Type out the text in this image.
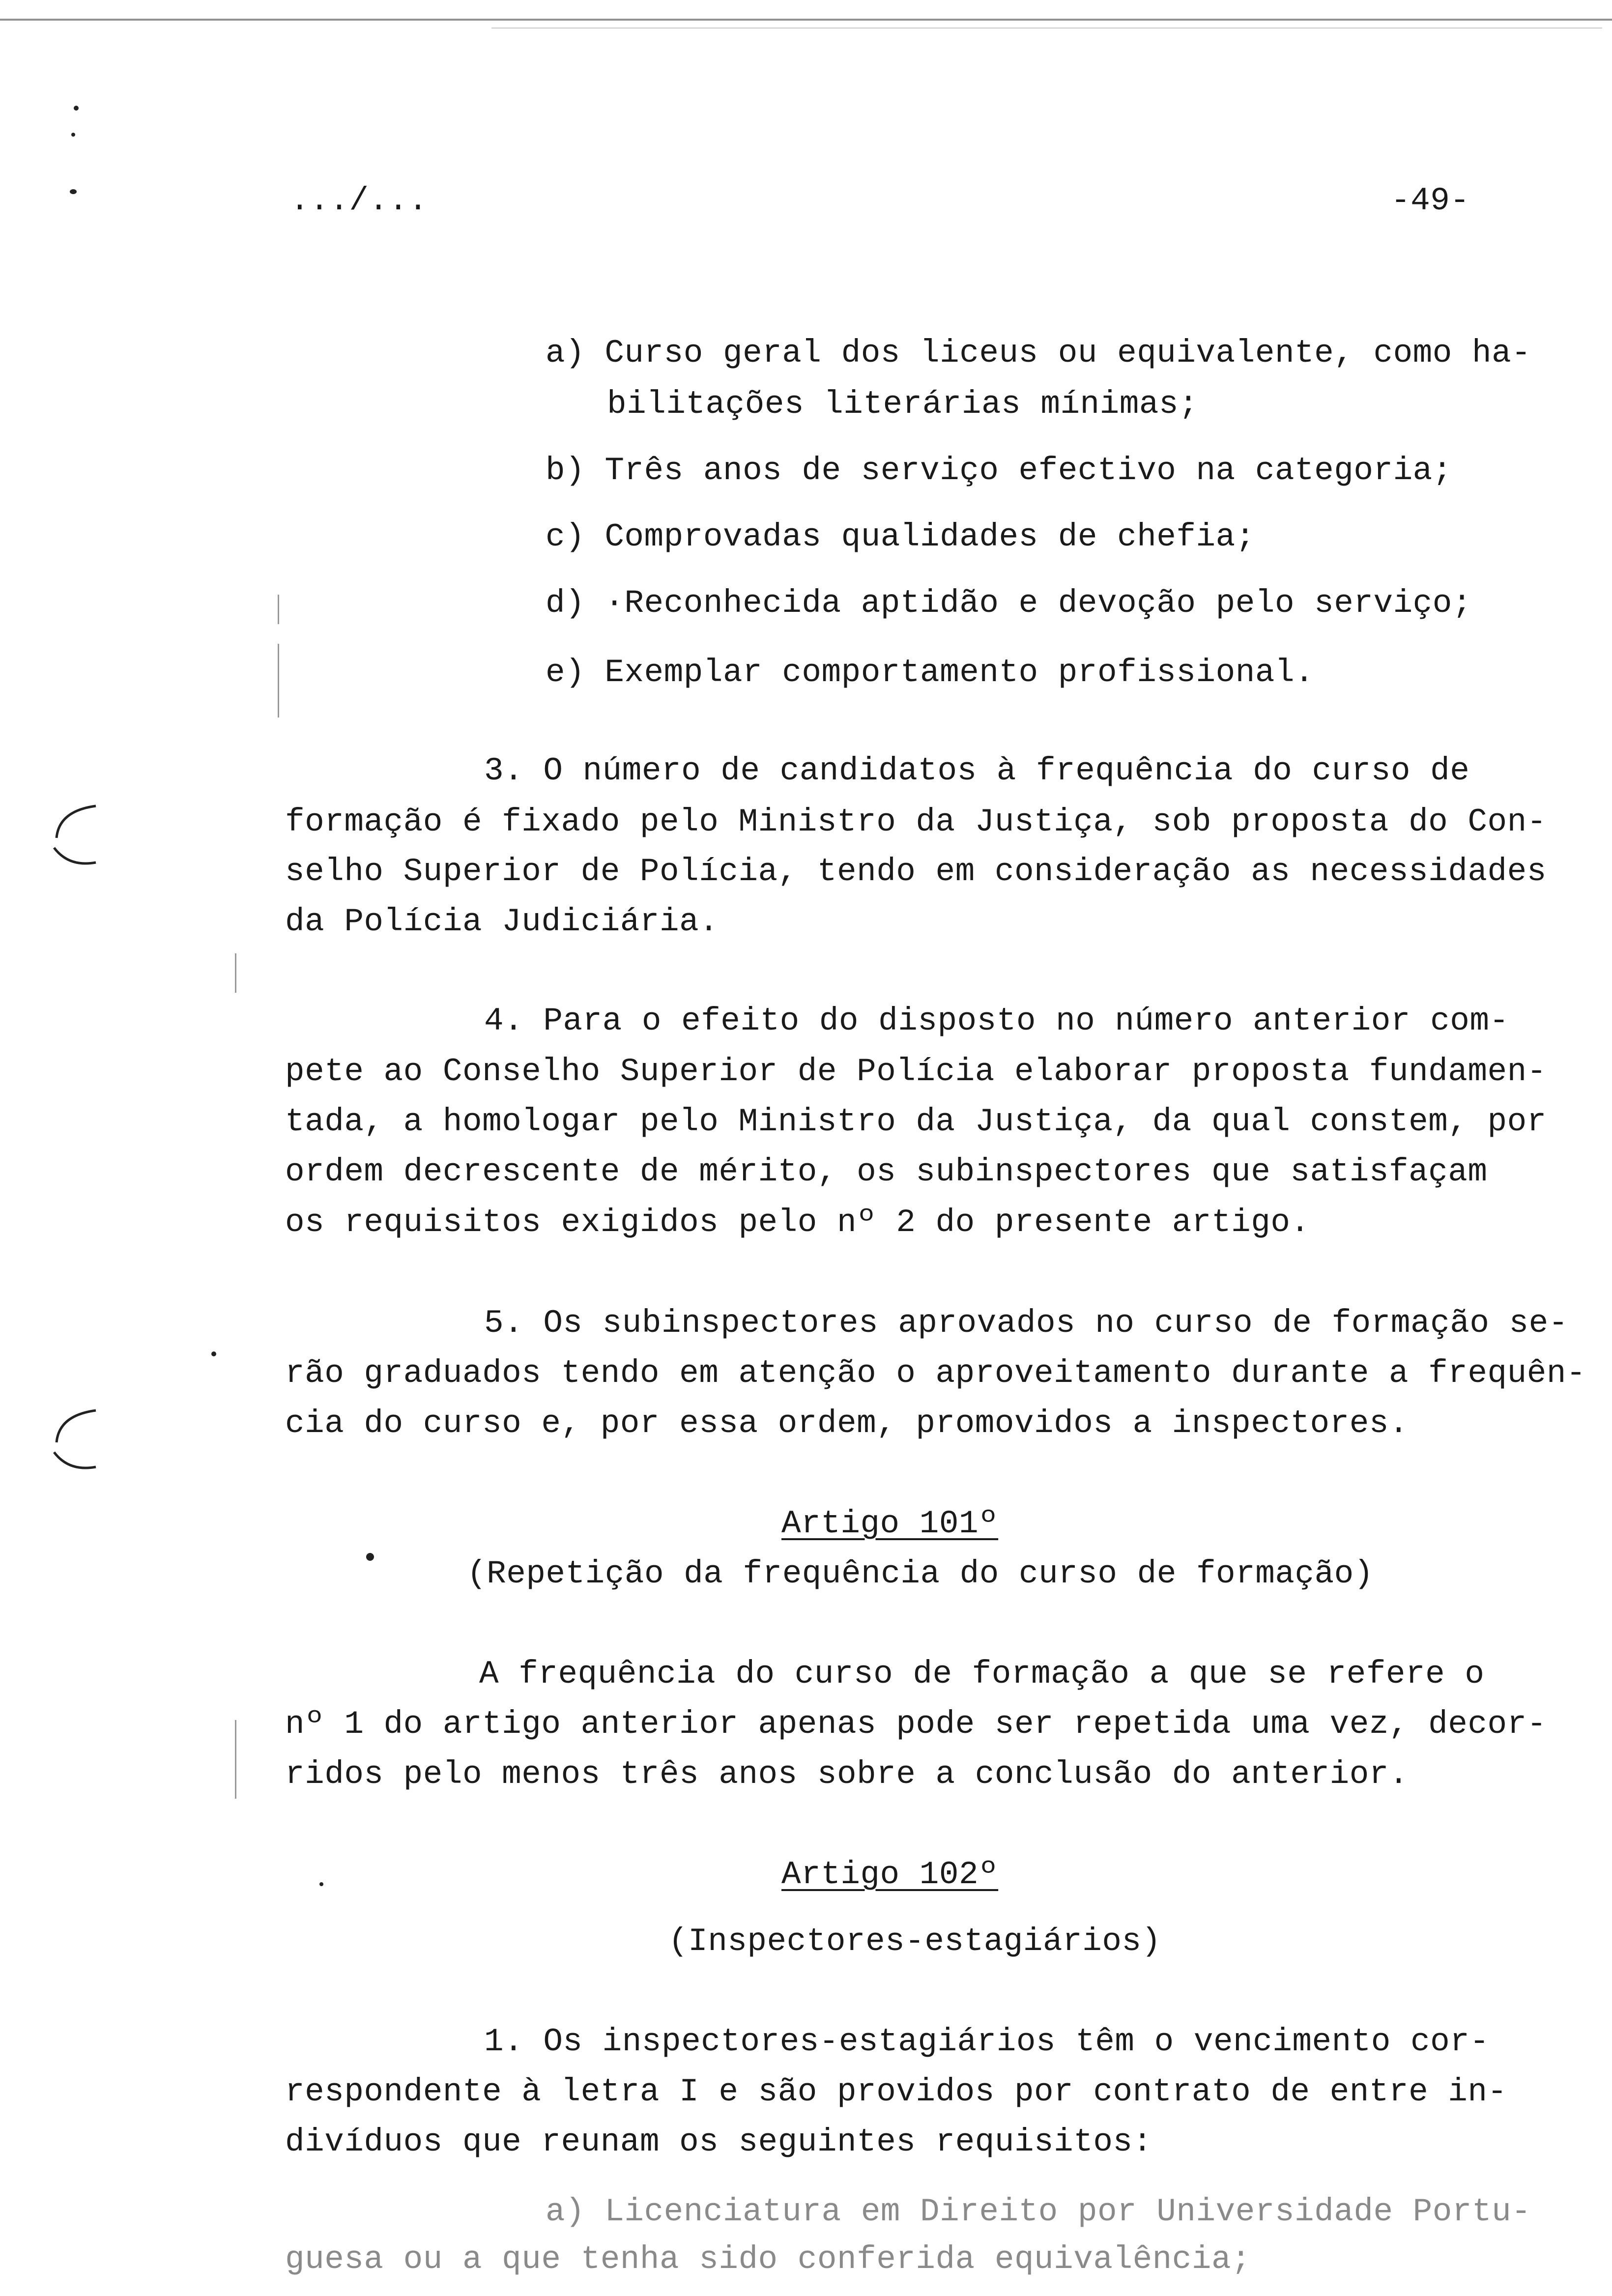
.../...	-49-
a) Curso geral dos liceus ou equivalente, como ha-
bilitações literárias mínimas;
b) Três anos de serviço efectivo na categoria;
c) Comprovadas qualidades de chefia;
d) ·Reconhecida aptidão e devoção pelo serviço;
e) Exemplar comportamento profissional.
3. O número de candidatos à frequência do curso de
formação é fixado pelo Ministro da Justiça, sob proposta do Con-
selho Superior de Polícia, tendo em consideração as necessidades
da Polícia Judiciária.
4. Para o efeito do disposto no número anterior com-
pete ao Conselho Superior de Polícia elaborar proposta fundamen-
tada, a homologar pelo Ministro da Justiça, da qual constem, por
ordem decrescente de mérito, os subinspectores que satisfaçam
os requisitos exigidos pelo nº 2 do presente artigo.
5. Os subinspectores aprovados no curso de formação se-
rão graduados tendo em atenção o aproveitamento durante a frequên-
cia do curso e, por essa ordem, promovidos a inspectores.
Artigo 101º
(Repetição da frequência do curso de formação)
A frequência do curso de formação a que se refere o
nº 1 do artigo anterior apenas pode ser repetida uma vez, decor-
ridos pelo menos três anos sobre a conclusão do anterior.
Artigo 102º
(Inspectores-estagiários)
1. Os inspectores-estagiários têm o vencimento cor-
respondente à letra I e são providos por contrato de entre in-
divíduos que reunam os seguintes requisitos:
a) Licenciatura em Direito por Universidade Portu-
guesa ou a que tenha sido conferida equivalência;
